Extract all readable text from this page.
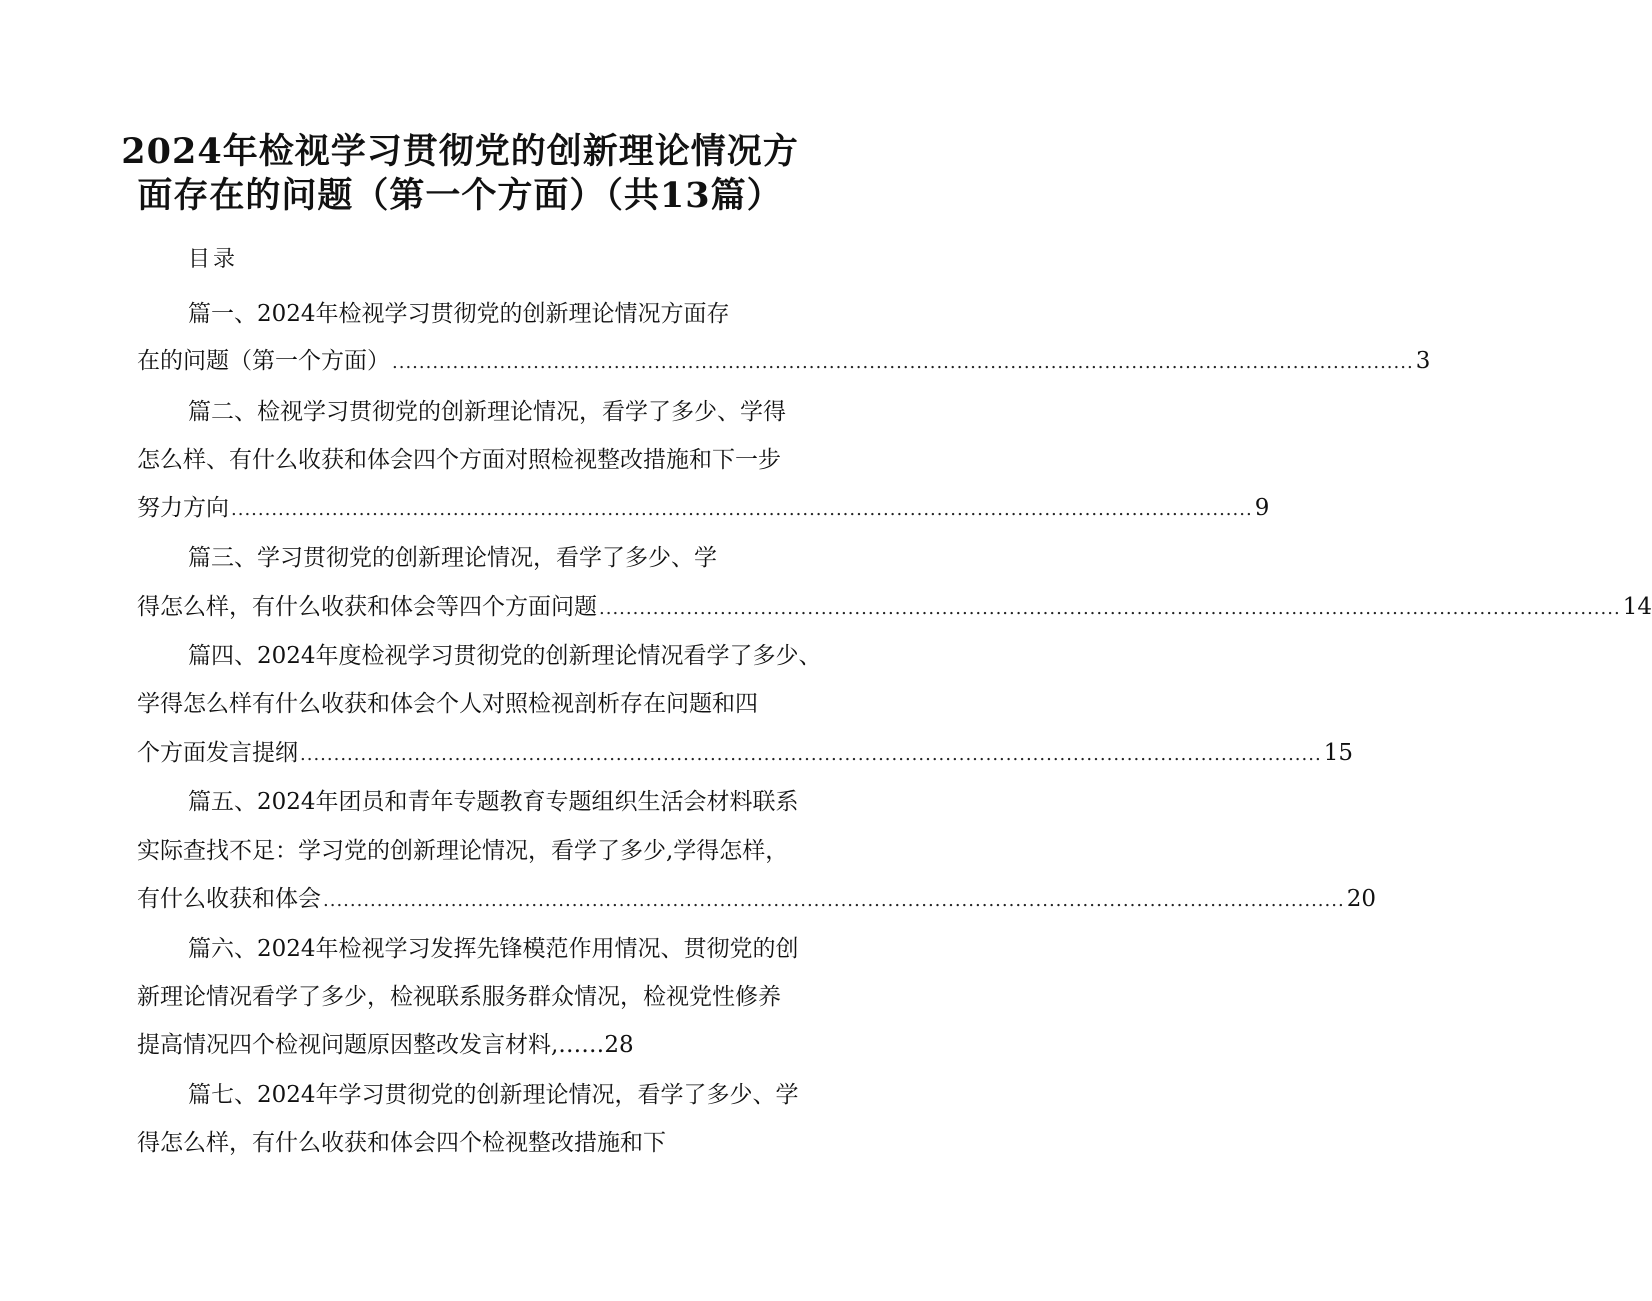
2024年检视学习贯彻党的创新理论情况方
面存在的问题（第一个方面）（共13篇）
目录
篇一、2024年检视学习贯彻党的创新理论情况方面存
在的问题（第一个方面） ........................................................................................................................................................ 3
篇二、检视学习贯彻党的创新理论情况，看学了多少、学得
怎么样、有什么收获和体会四个方面对照检视整改措施和下一步
努力方向 ........................................................................................................................................................ 9
篇三、学习贯彻党的创新理论情况，看学了多少、学
得怎么样，有什么收获和体会等四个方面问题 ........................................................................................................................................................ 14
篇四、2024年度检视学习贯彻党的创新理论情况看学了多少、
学得怎么样有什么收获和体会个人对照检视剖析存在问题和四
个方面发言提纲 ........................................................................................................................................................ 15
篇五、2024年团员和青年专题教育专题组织生活会材料联系
实际查找不足：学习党的创新理论情况，看学了多少,学得怎样，
有什么收获和体会 ........................................................................................................................................................ 20
篇六、2024年检视学习发挥先锋模范作用情况、贯彻党的创
新理论情况看学了多少，检视联系服务群众情况，检视党性修养
提高情况四个检视问题原因整改发言材料,…… 28
篇七、2024年学习贯彻党的创新理论情况，看学了多少、学
得怎么样，有什么收获和体会四个检视整改措施和下
